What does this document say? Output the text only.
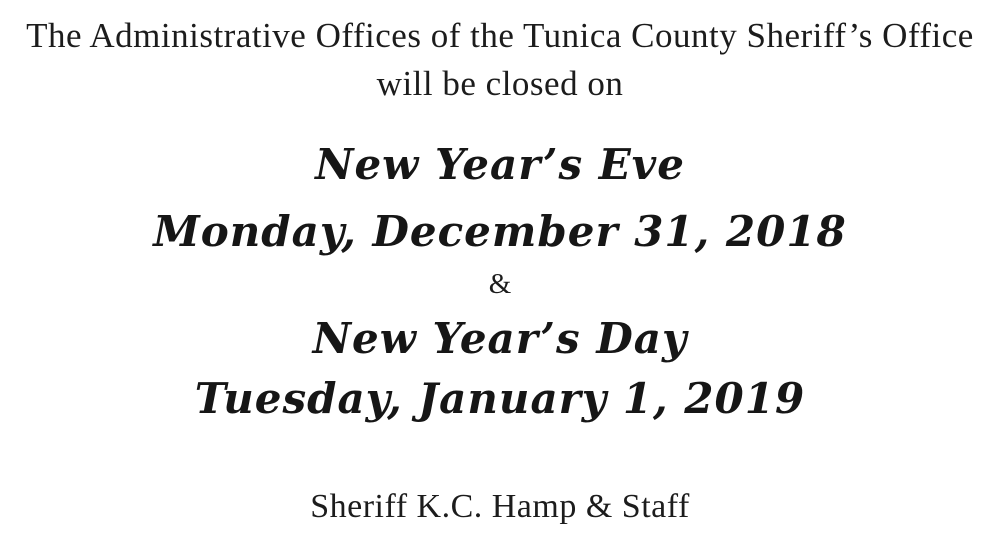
The Administrative Offices of the Tunica County Sheriff’s Office
will be closed on
New Year’s Eve
Monday, December 31, 2018
&
New Year’s Day
Tuesday, January 1, 2019
Sheriff K.C. Hamp & Staff
